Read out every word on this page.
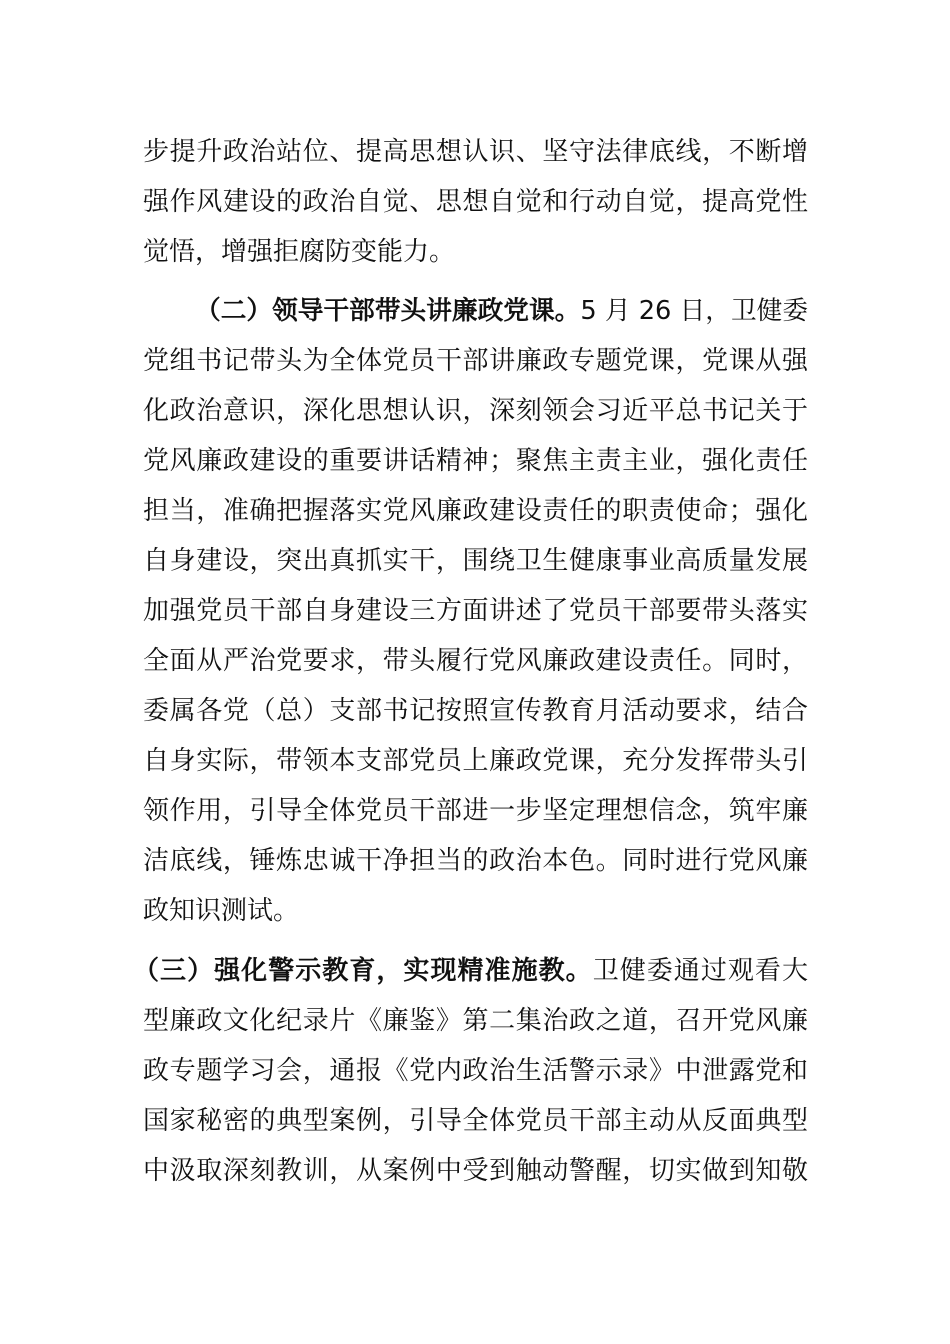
步提升政治站位、提高思想认识、坚守法律底线，不断增
强作风建设的政治自觉、思想自觉和行动自觉，提高党性
觉悟，增强拒腐防变能力。
（二）领导干部带头讲廉政党课。5 月 26 日，卫健委
党组书记带头为全体党员干部讲廉政专题党课，党课从强
化政治意识，深化思想认识，深刻领会习近平总书记关于
党风廉政建设的重要讲话精神；聚焦主责主业，强化责任
担当，准确把握落实党风廉政建设责任的职责使命；强化
自身建设，突出真抓实干，围绕卫生健康事业高质量发展
加强党员干部自身建设三方面讲述了党员干部要带头落实
全面从严治党要求，带头履行党风廉政建设责任。同时，
委属各党（总）支部书记按照宣传教育月活动要求，结合
自身实际，带领本支部党员上廉政党课，充分发挥带头引
领作用，引导全体党员干部进一步坚定理想信念，筑牢廉
洁底线，锤炼忠诚干净担当的政治本色。同时进行党风廉
政知识测试。
（三）强化警示教育，实现精准施教。卫健委通过观看大
型廉政文化纪录片《廉鉴》第二集治政之道，召开党风廉
政专题学习会，通报《党内政治生活警示录》中泄露党和
国家秘密的典型案例，引导全体党员干部主动从反面典型
中汲取深刻教训，从案例中受到触动警醒，切实做到知敬
